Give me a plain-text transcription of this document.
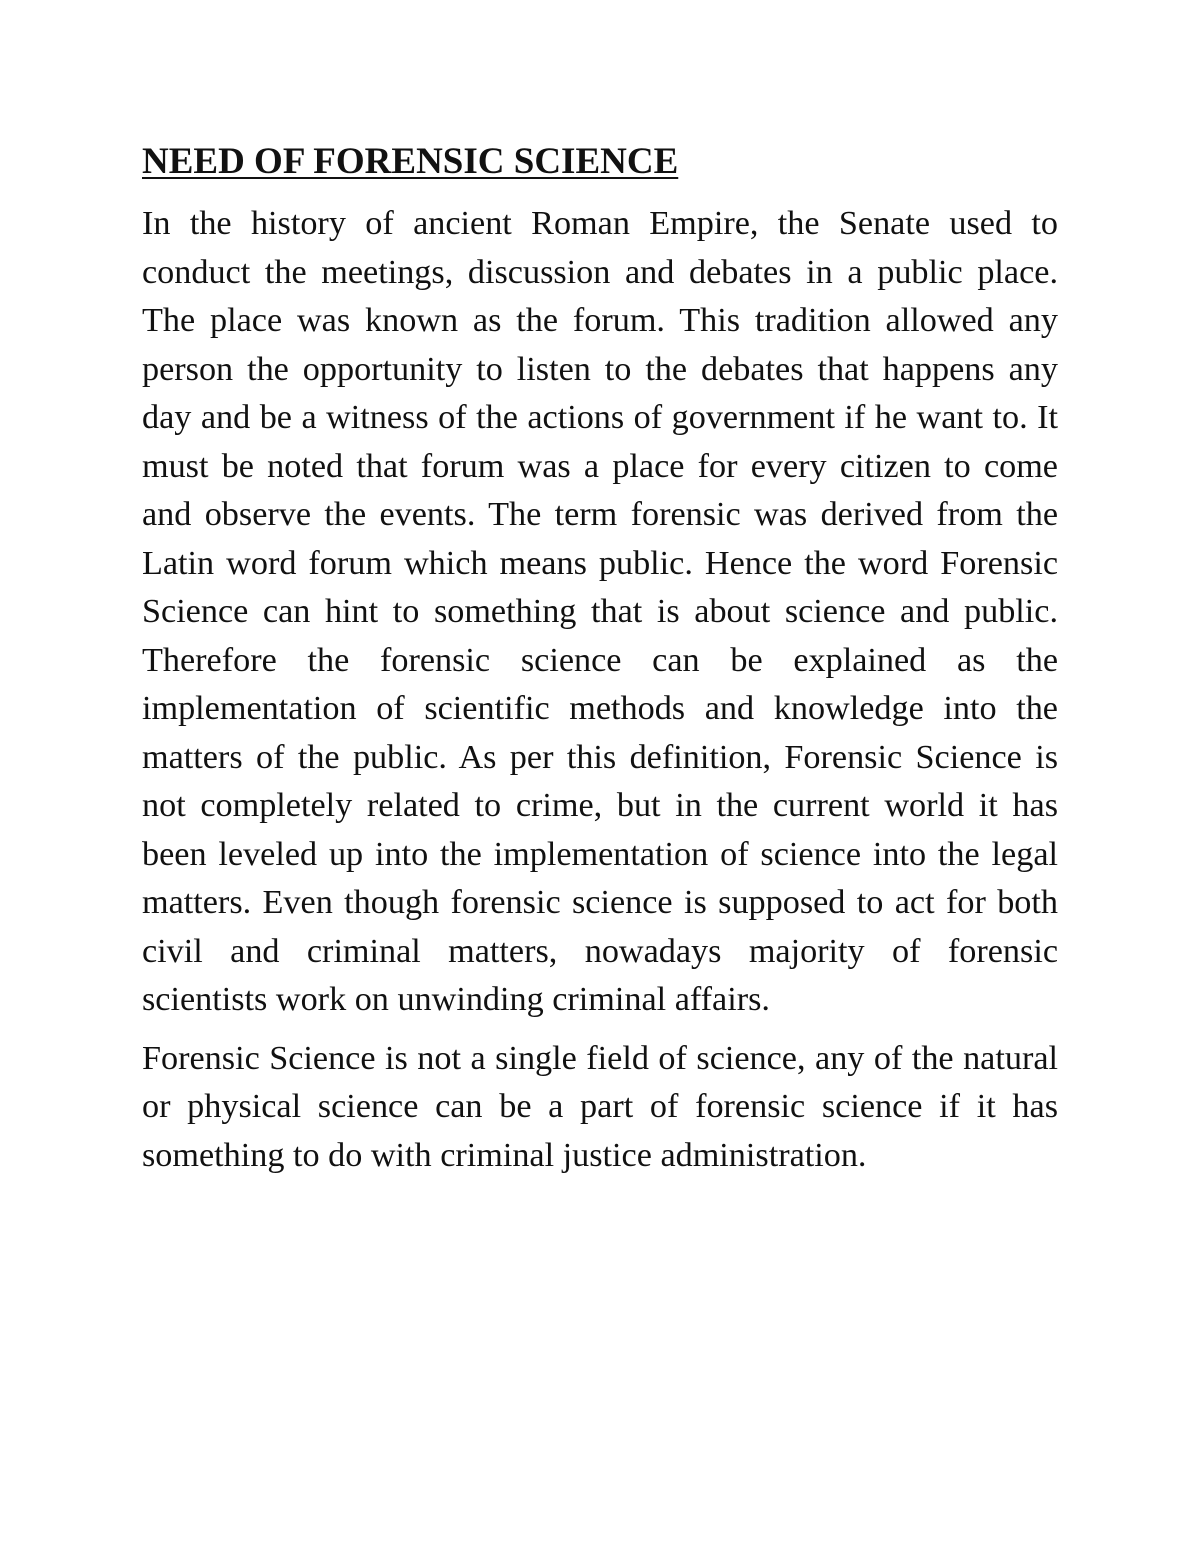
NEED OF FORENSIC SCIENCE

In the history of ancient Roman Empire, the Senate used to conduct the meetings, discussion and debates in a public place. The place was known as the forum. This tradition allowed any person the opportunity to listen to the debates that happens any day and be a witness of the actions of government if he want to. It must be noted that forum was a place for every citizen to come and observe the events. The term forensic was derived from the Latin word forum which means public. Hence the word Forensic Science can hint to something that is about science and public. Therefore the forensic science can be explained as the implementation of scientific methods and knowledge into the matters of the public. As per this definition, Forensic Science is not completely related to crime, but in the current world it has been leveled up into the implementation of science into the legal matters. Even though forensic science is supposed to act for both civil and criminal matters, nowadays majority of forensic scientists work on unwinding criminal affairs.

Forensic Science is not a single field of science, any of the natural or physical science can be a part of forensic science if it has something to do with criminal justice administration.
